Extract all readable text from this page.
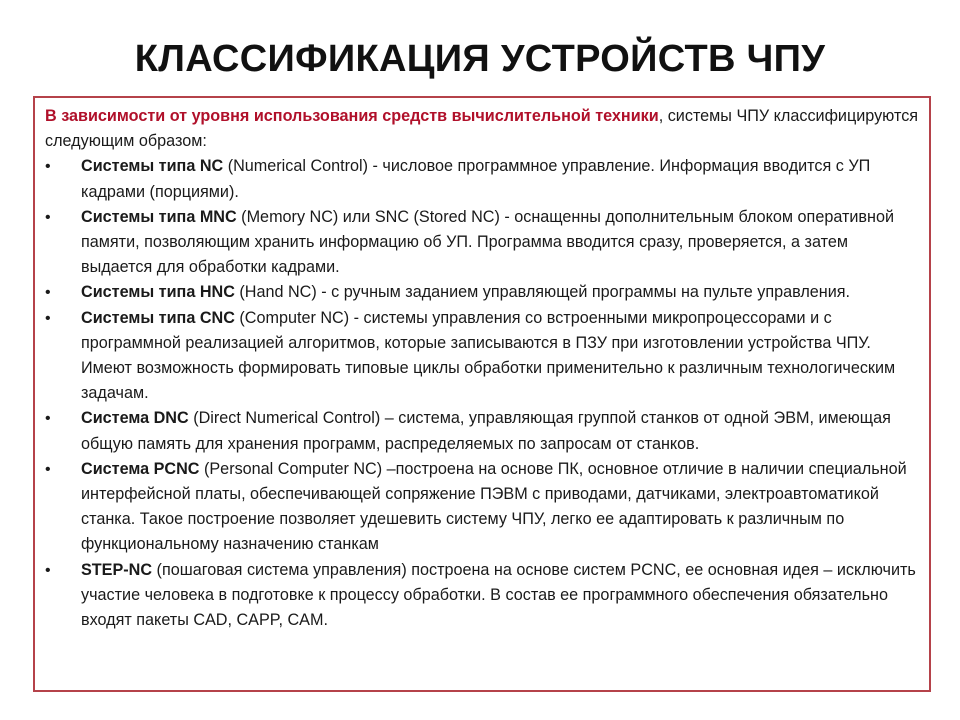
КЛАССИФИКАЦИЯ УСТРОЙСТВ ЧПУ

В зависимости от уровня использования средств вычислительной техники, системы ЧПУ классифицируются следующим образом:

•	Системы типа NC (Numerical Control) - числовое программное управление. Информация вводится с УП кадрами (порциями).
•	Системы типа MNC (Memory NC) или SNC (Stored NC) - оснащенны дополнительным блоком оперативной памяти, позволяющим хранить информацию об УП. Программа вводится сразу, проверяется, а затем выдается для обработки кадрами.
•	Системы типа HNC (Hand NC) - с ручным заданием управляющей программы на пульте управления.
•	Системы типа CNC (Computer NC) - системы управления со встроенными микропроцессорами и с программной реализацией алгоритмов, которые записываются в ПЗУ при изготовлении устройства ЧПУ. Имеют возможность формировать типовые циклы обработки применительно к различным технологическим задачам.
•	Система DNC (Direct Numerical Control) – система, управляющая группой станков от одной ЭВМ, имеющая общую память для хранения программ, распределяемых по запросам от станков.
•	Система PCNC (Personal Computer NC) –построена на основе ПК, основное отличие в наличии специальной интерфейсной платы, обеспечивающей сопряжение ПЭВМ с приводами, датчиками, электроавтоматикой станка. Такое построение позволяет удешевить систему ЧПУ, легко ее адаптировать к различным по функциональному назначению станкам
•	STEP-NC (пошаговая система управления) построена на основе систем PCNC, ее основная идея – исключить участие человека в подготовке к процессу обработки. В состав ее программного обеспечения обязательно входят пакеты CAD, CAPP, CAM.
